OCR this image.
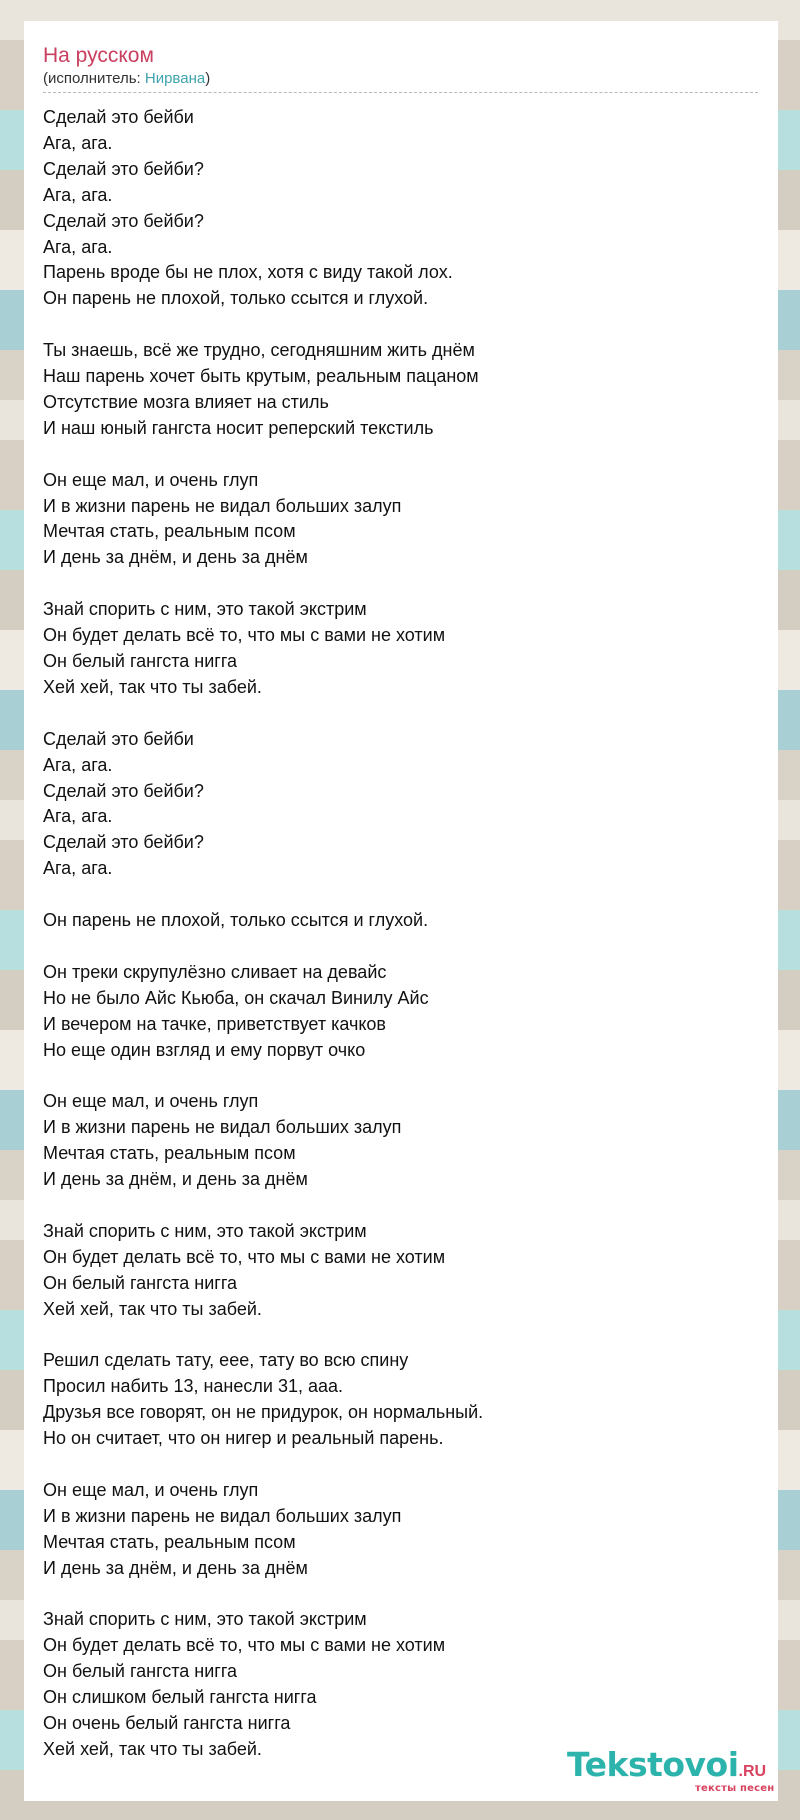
На русском
(исполнитель: Нирвана)
Сделай это бейби
Ага, ага.
Сделай это бейби?
Ага, ага.
Сделай это бейби?
Ага, ага.
Парень вроде бы не плох, хотя с виду такой лох.
Он парень не плохой, только ссытся и глухой.
Ты знаешь, всё же трудно, сегодняшним жить днём
Наш парень хочет быть крутым, реальным пацаном
Отсутствие мозга влияет на стиль
И наш юный гангста носит реперский текстиль
Он еще мал, и очень глуп
И в жизни парень не видал больших залуп
Мечтая стать, реальным псом
И день за днём, и день за днём
Знай спорить с ним, это такой экстрим
Он будет делать всё то, что мы с вами не хотим
Он белый гангста нигга
Хей хей, так что ты забей.
Сделай это бейби
Ага, ага.
Сделай это бейби?
Ага, ага.
Сделай это бейби?
Ага, ага.
Он парень не плохой, только ссытся и глухой.
Он треки скрупулёзно сливает на девайс
Но не было Айс Кьюба, он скачал Винилу Айс
И вечером на тачке, приветствует качков
Но еще один взгляд и ему порвут очко
Он еще мал, и очень глуп
И в жизни парень не видал больших залуп
Мечтая стать, реальным псом
И день за днём, и день за днём
Знай спорить с ним, это такой экстрим
Он будет делать всё то, что мы с вами не хотим
Он белый гангста нигга
Хей хей, так что ты забей.
Решил сделать тату, еее, тату во всю спину
Просил набить 13, нанесли 31, ааа.
Друзья все говорят, он не придурок, он нормальный.
Но он считает, что он нигер и реальный парень.
Он еще мал, и очень глуп
И в жизни парень не видал больших залуп
Мечтая стать, реальным псом
И день за днём, и день за днём
Знай спорить с ним, это такой экстрим
Он будет делать всё то, что мы с вами не хотим
Он белый гангста нигга
Он слишком белый гангста нигга
Он очень белый гангста нигга
Хей хей, так что ты забей.	Tekstovoi.RU
тексты песен
